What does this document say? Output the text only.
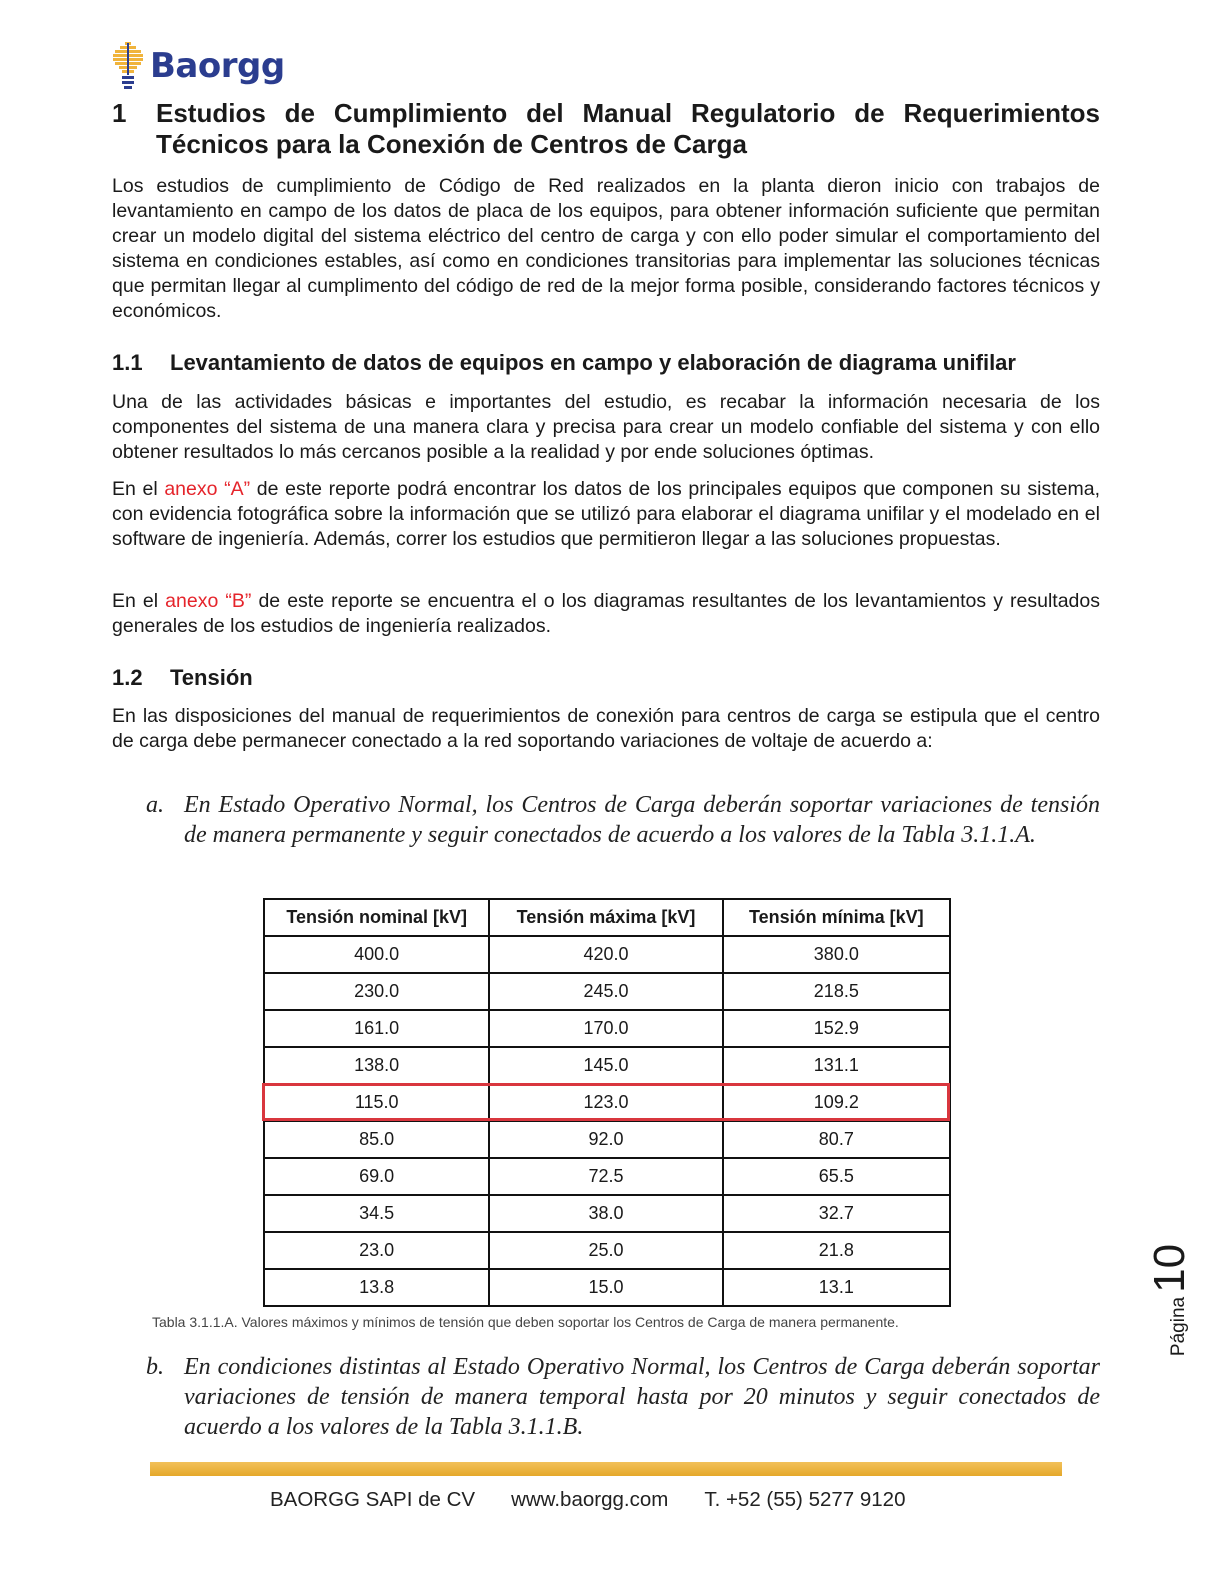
Baorgg
1	Estudios de Cumplimiento del Manual Regulatorio de Requerimientos Técnicos para la Conexión de Centros de Carga
Los estudios de cumplimiento de Código de Red realizados en la planta dieron inicio con trabajos de levantamiento en campo de los datos de placa de los equipos, para obtener información suficiente que permitan crear un modelo digital del sistema eléctrico del centro de carga y con ello poder simular el comportamiento del sistema en condiciones estables, así como en condiciones transitorias para implementar las soluciones técnicas que permitan llegar al cumplimento del código de red de la mejor forma posible, considerando factores técnicos y económicos.
1.1	Levantamiento de datos de equipos en campo y elaboración de diagrama unifilar
Una de las actividades básicas e importantes del estudio, es recabar la información necesaria de los componentes del sistema de una manera clara y precisa para crear un modelo confiable del sistema y con ello obtener resultados lo más cercanos posible a la realidad y por ende soluciones óptimas.
En el anexo “A” de este reporte podrá encontrar los datos de los principales equipos que componen su sistema, con evidencia fotográfica sobre la información que se utilizó para elaborar el diagrama unifilar y el modelado en el software de ingeniería. Además, correr los estudios que permitieron llegar a las soluciones propuestas.
En el anexo “B” de este reporte se encuentra el o los diagramas resultantes de los levantamientos y resultados generales de los estudios de ingeniería realizados.
1.2	Tensión
En las disposiciones del manual de requerimientos de conexión para centros de carga se estipula que el centro de carga debe permanecer conectado a la red soportando variaciones de voltaje de acuerdo a:
a. En Estado Operativo Normal, los Centros de Carga deberán soportar variaciones de tensión de manera permanente y seguir conectados de acuerdo a los valores de la Tabla 3.1.1.A.
Tensión nominal [kV]	Tensión máxima [kV]	Tensión mínima [kV]
400.0	420.0	380.0
230.0	245.0	218.5
161.0	170.0	152.9
138.0	145.0	131.1
115.0	123.0	109.2
85.0	92.0	80.7
69.0	72.5	65.5
34.5	38.0	32.7
23.0	25.0	21.8
13.8	15.0	13.1
Tabla 3.1.1.A. Valores máximos y mínimos de tensión que deben soportar los Centros de Carga de manera permanente.
b. En condiciones distintas al Estado Operativo Normal, los Centros de Carga deberán soportar variaciones de tensión de manera temporal hasta por 20 minutos y seguir conectados de acuerdo a los valores de la Tabla 3.1.1.B.
Página
10
BAORGG SAPI de CV www.baorgg.com T. +52 (55) 5277 9120
